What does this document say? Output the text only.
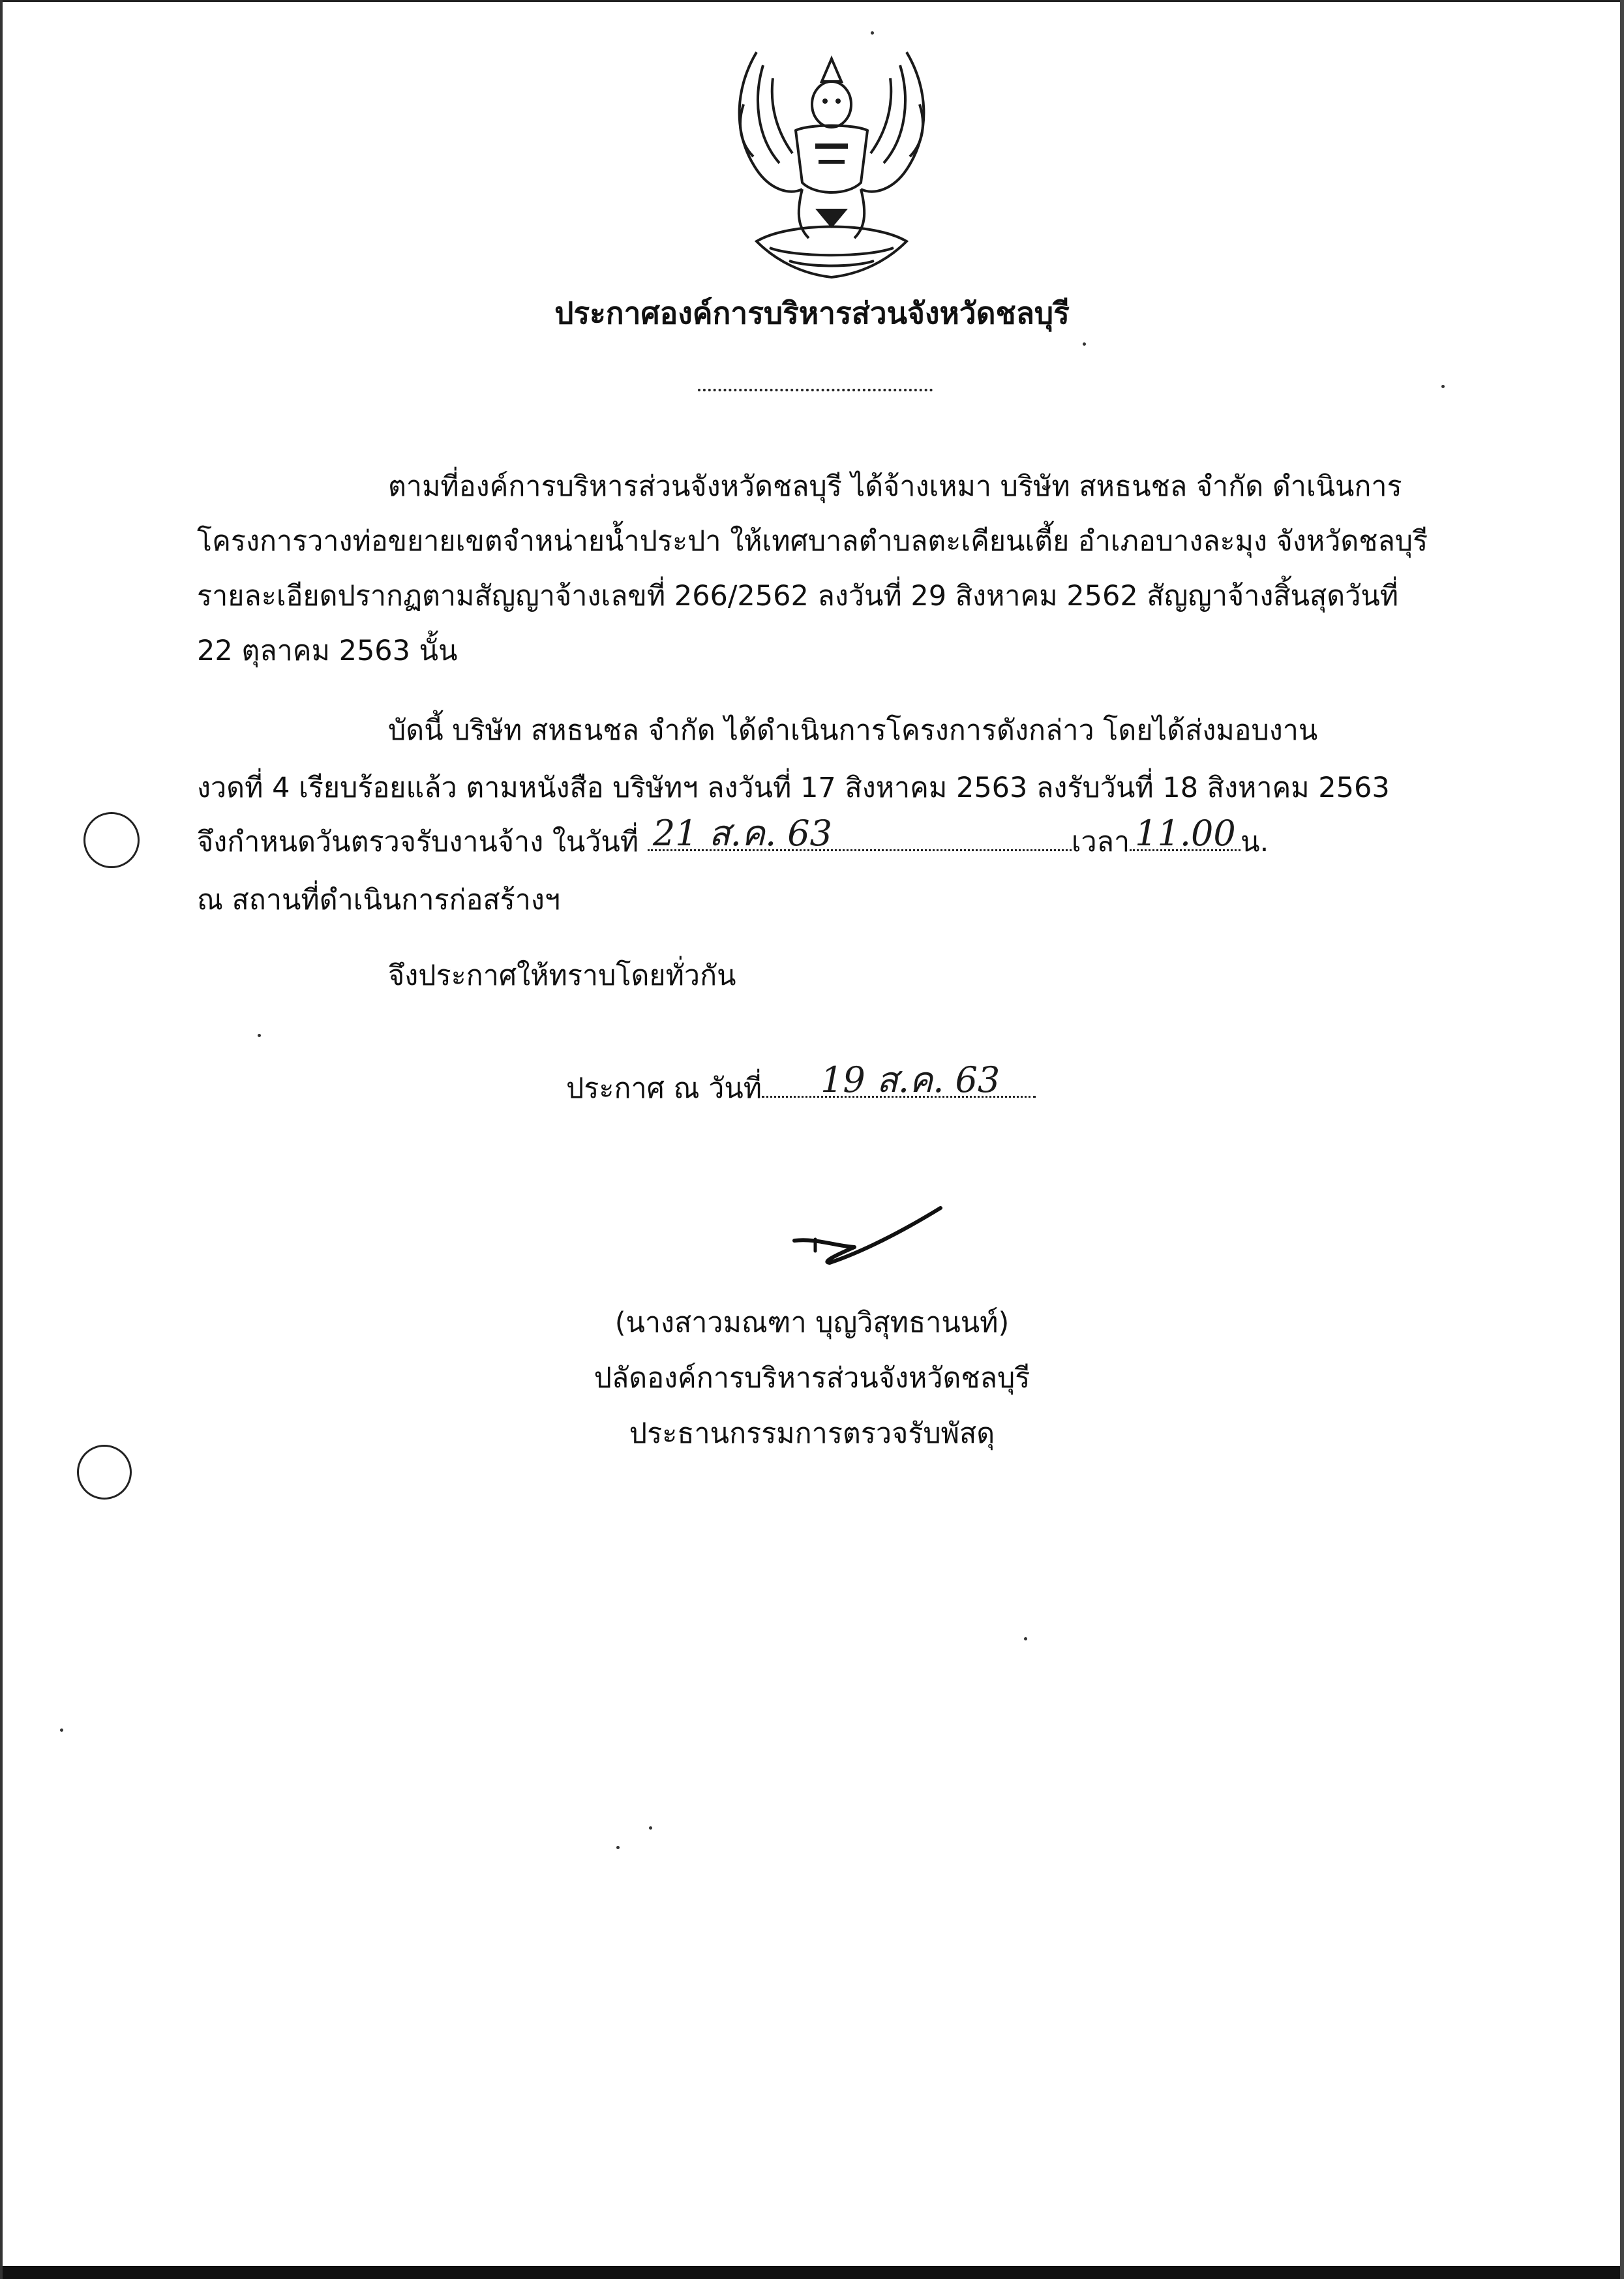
ประกาศองค์การบริหารส่วนจังหวัดชลบุรี
ตามที่องค์การบริหารส่วนจังหวัดชลบุรี ได้จ้างเหมา บริษัท สหธนชล จำกัด ดำเนินการ
โครงการวางท่อขยายเขตจำหน่ายน้ำประปา ให้เทศบาลตำบลตะเคียนเตี้ย อำเภอบางละมุง จังหวัดชลบุรี
รายละเอียดปรากฏตามสัญญาจ้างเลขที่ 266/2562 ลงวันที่ 29 สิงหาคม 2562 สัญญาจ้างสิ้นสุดวันที่
22 ตุลาคม 2563 นั้น
บัดนี้ บริษัท สหธนชล จำกัด ได้ดำเนินการโครงการดังกล่าว โดยได้ส่งมอบงาน
งวดที่ 4 เรียบร้อยแล้ว ตามหนังสือ บริษัทฯ ลงวันที่ 17 สิงหาคม 2563 ลงรับวันที่ 18 สิงหาคม 2563
จึงกำหนดวันตรวจรับงานจ้าง ในวันที่ 21 ส.ค. 63	เวลา 11.00 น.
ณ สถานที่ดำเนินการก่อสร้างฯ
จึงประกาศให้ทราบโดยทั่วกัน
ประกาศ ณ วันที่ 19 ส.ค. 63
(นางสาวมณฑา บุญวิสุทธานนท์)
ปลัดองค์การบริหารส่วนจังหวัดชลบุรี
ประธานกรรมการตรวจรับพัสดุ
